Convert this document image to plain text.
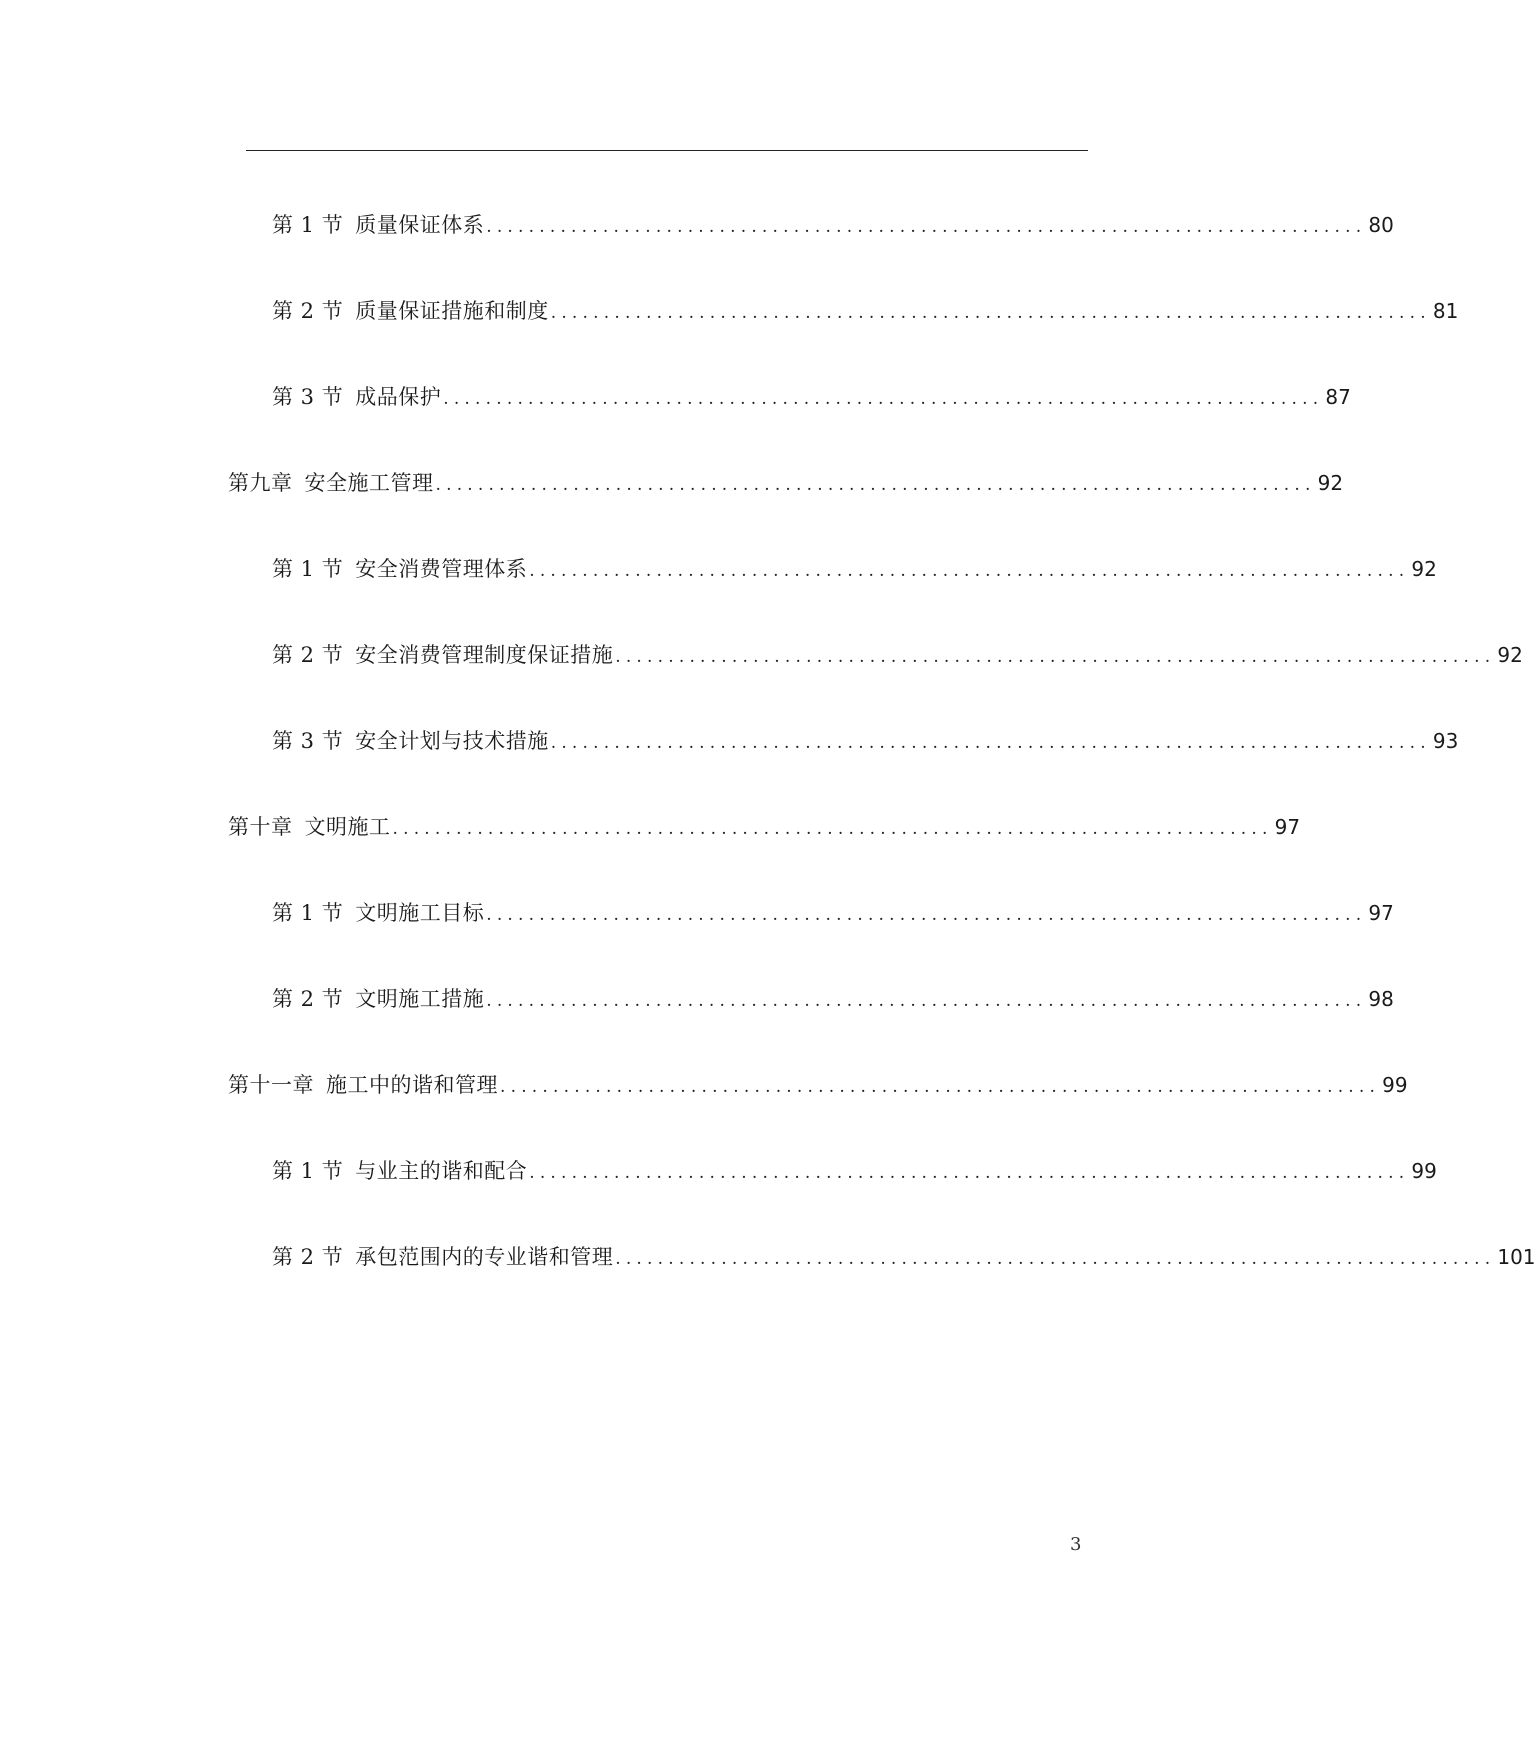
第 1 节 质量保证体系 ................................................................................... 80
第 2 节 质量保证措施和制度 ................................................................................... 81
第 3 节 成品保护 ................................................................................... 87
第九章 安全施工管理 ................................................................................... 92
第 1 节 安全消费管理体系 ................................................................................... 92
第 2 节 安全消费管理制度保证措施 ................................................................................... 92
第 3 节 安全计划与技术措施 ................................................................................... 93
第十章 文明施工 ................................................................................... 97
第 1 节 文明施工目标 ................................................................................... 97
第 2 节 文明施工措施 ................................................................................... 98
第十一章 施工中的谐和管理 ................................................................................... 99
第 1 节 与业主的谐和配合 ................................................................................... 99
第 2 节 承包范围内的专业谐和管理 ................................................................................... 101
3
